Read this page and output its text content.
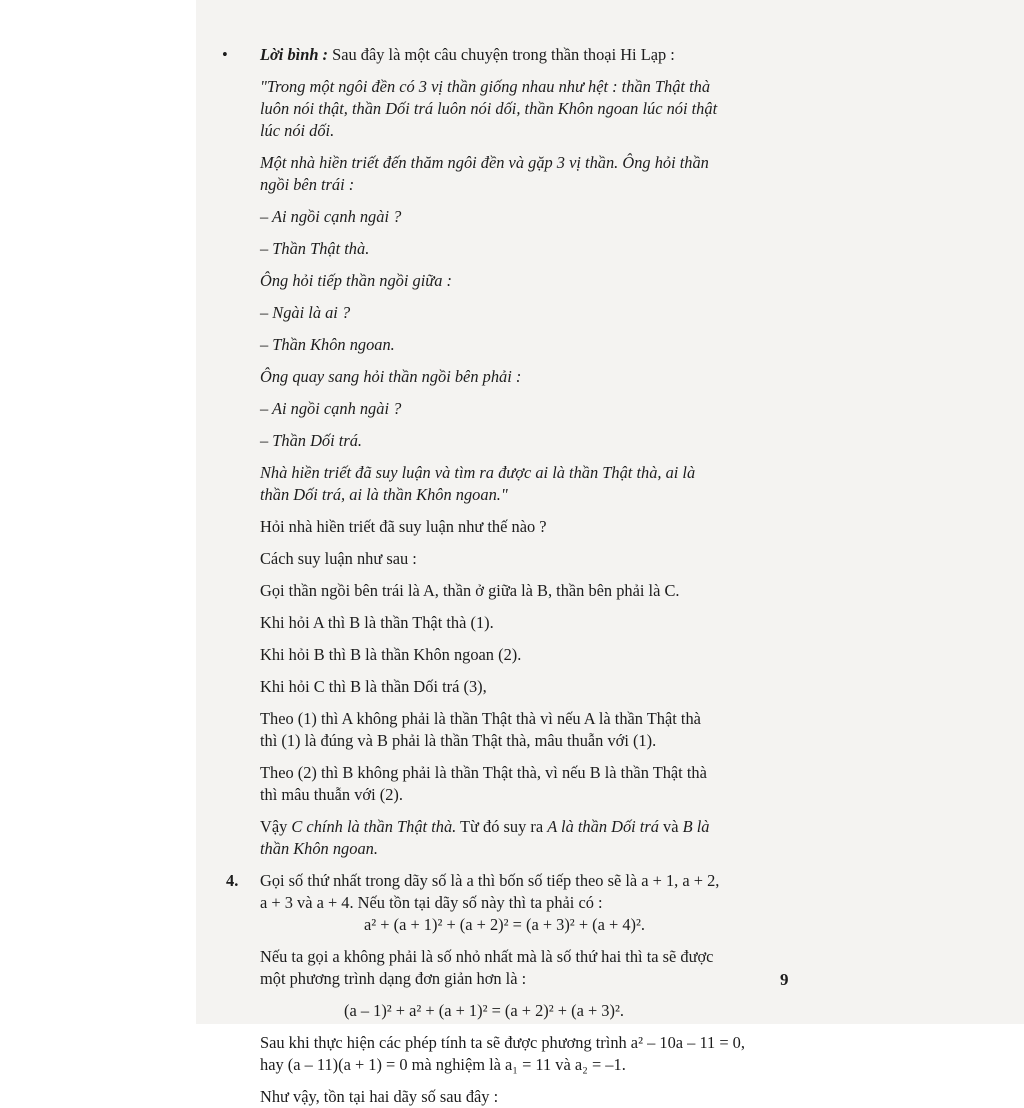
• Lời bình : Sau đây là một câu chuyện trong thần thoại Hi Lạp :
"Trong một ngôi đền có 3 vị thần giống nhau như hệt : thần Thật thà
luôn nói thật, thần Dối trá luôn nói dối, thần Khôn ngoan lúc nói thật
lúc nói dối.
Một nhà hiền triết đến thăm ngôi đền và gặp 3 vị thần. Ông hỏi thần
ngồi bên trái :
– Ai ngồi cạnh ngài ?
– Thần Thật thà.
Ông hỏi tiếp thần ngồi giữa :
– Ngài là ai ?
– Thần Khôn ngoan.
Ông quay sang hỏi thần ngồi bên phải :
– Ai ngồi cạnh ngài ?
– Thần Dối trá.
Nhà hiền triết đã suy luận và tìm ra được ai là thần Thật thà, ai là
thần Dối trá, ai là thần Khôn ngoan."
Hỏi nhà hiền triết đã suy luận như thế nào ?
Cách suy luận như sau :
Gọi thần ngồi bên trái là A, thần ở giữa là B, thần bên phải là C.
Khi hỏi A thì B là thần Thật thà (1).
Khi hỏi B thì B là thần Khôn ngoan (2).
Khi hỏi C thì B là thần Dối trá (3),
Theo (1) thì A không phải là thần Thật thà vì nếu A là thần Thật thà
thì (1) là đúng và B phải là thần Thật thà, mâu thuẫn với (1).
Theo (2) thì B không phải là thần Thật thà, vì nếu B là thần Thật thà
thì mâu thuẫn với (2).
Vậy C chính là thần Thật thà. Từ đó suy ra A là thần Dối trá và B là
thần Khôn ngoan.
4. Gọi số thứ nhất trong dãy số là a thì bốn số tiếp theo sẽ là a + 1, a + 2,
a + 3 và a + 4. Nếu tồn tại dãy số này thì ta phải có :
a² + (a + 1)² + (a + 2)² = (a + 3)² + (a + 4)².
Nếu ta gọi a không phải là số nhỏ nhất mà là số thứ hai thì ta sẽ được
một phương trình dạng đơn giản hơn là :
(a – 1)² + a² + (a + 1)² = (a + 2)² + (a + 3)².
Sau khi thực hiện các phép tính ta sẽ được phương trình a² – 10a – 11 = 0,
hay (a – 11)(a + 1) = 0 mà nghiệm là a₁ = 11 và a₂ = –1.
Như vậy, tồn tại hai dãy số sau đây :
9
